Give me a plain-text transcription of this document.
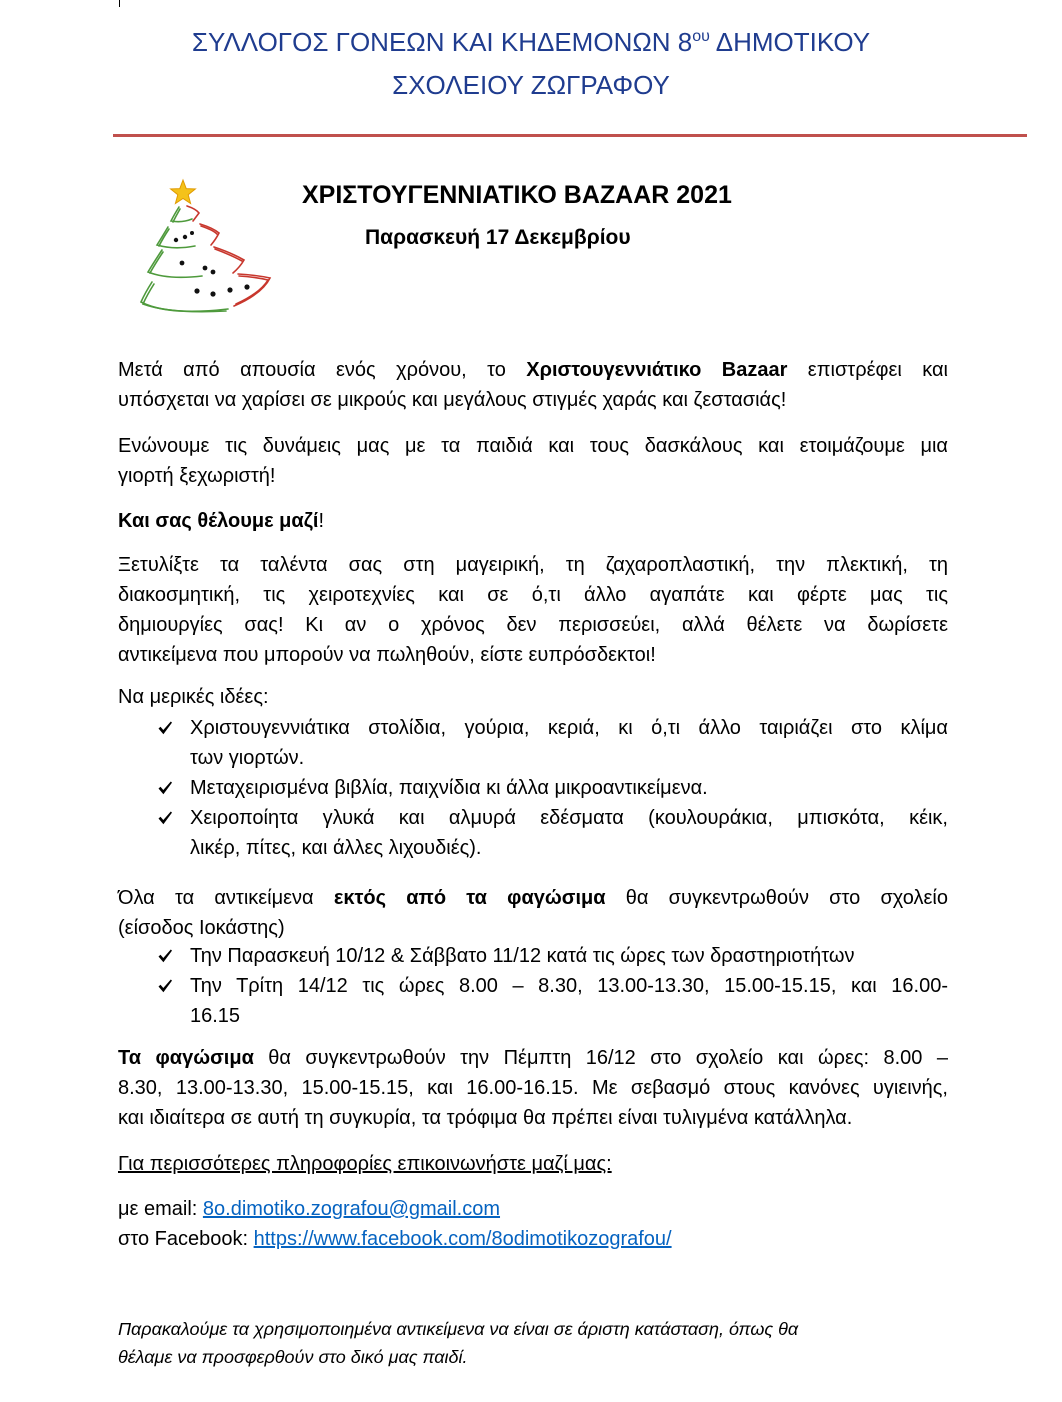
ΣΥΛΛΟΓΟΣ ΓΟΝΕΩΝ ΚΑΙ ΚΗΔΕΜΟΝΩΝ $8^{o\upsilon}$ ΔΗΜΟΤΙΚΟΥ
ΣΧΟΛΕΙΟΥ ΖΩΓΡΑΦΟΥ
ΧΡΙΣΤΟΥΓΕΝΝΙΑΤΙΚΟ BAZAAR 2021
Παρασκευή 17 Δεκεμβρίου
Μετά από απουσία ενός χρόνου, το Χριστουγεννιάτικο Bazaar επιστρέφει και
υπόσχεται να χαρίσει σε μικρούς και μεγάλους στιγμές χαράς και ζεστασιάς!
Ενώνουμε τις δυνάμεις μας με τα παιδιά και τους δασκάλους και ετοιμάζουμε μια
γιορτή ξεχωριστή!
Και σας θέλουμε μαζί!
Ξετυλίξτε τα ταλέντα σας στη μαγειρική, τη ζαχαροπλαστική, την πλεκτική, τη
διακοσμητική, τις χειροτεχνίες και σε ό,τι άλλο αγαπάτε και φέρτε μας τις
δημιουργίες σας! Κι αν ο χρόνος δεν περισσεύει, αλλά θέλετε να δωρίσετε
αντικείμενα που μπορούν να πωληθούν, είστε ευπρόσδεκτοι!
Να μερικές ιδέες:
Χριστουγεννιάτικα στολίδια, γούρια, κεριά, κι ό,τι άλλο ταιριάζει στο κλίμα
των γιορτών.
Μεταχειρισμένα βιβλία, παιχνίδια κι άλλα μικροαντικείμενα.
Χειροποίητα γλυκά και αλμυρά εδέσματα (κουλουράκια, μπισκότα, κέικ,
λικέρ, πίτες, και άλλες λιχουδιές).
Όλα τα αντικείμενα εκτός από τα φαγώσιμα θα συγκεντρωθούν στο σχολείο
(είσοδος Ιοκάστης)
Την Παρασκευή 10/12 & Σάββατο 11/12 κατά τις ώρες των δραστηριοτήτων
Την Τρίτη 14/12 τις ώρες 8.00 – 8.30, 13.00-13.30, 15.00-15.15, και 16.00-
16.15
Τα φαγώσιμα θα συγκεντρωθούν την Πέμπτη 16/12 στο σχολείο και ώρες: 8.00 –
8.30, 13.00-13.30, 15.00-15.15, και 16.00-16.15. Με σεβασμό στους κανόνες υγιεινής,
και ιδιαίτερα σε αυτή τη συγκυρία, τα τρόφιμα θα πρέπει είναι τυλιγμένα κατάλληλα.
Για περισσότερες πληροφορίες επικοινωνήστε μαζί μας:
με email: 8o.dimotiko.zografou@gmail.com
στο Facebook: https://www.facebook.com/8odimotikozografou/
Παρακαλούμε τα χρησιμοποιημένα αντικείμενα να είναι σε άριστη κατάσταση, όπως θα
θέλαμε να προσφερθούν στο δικό μας παιδί.
